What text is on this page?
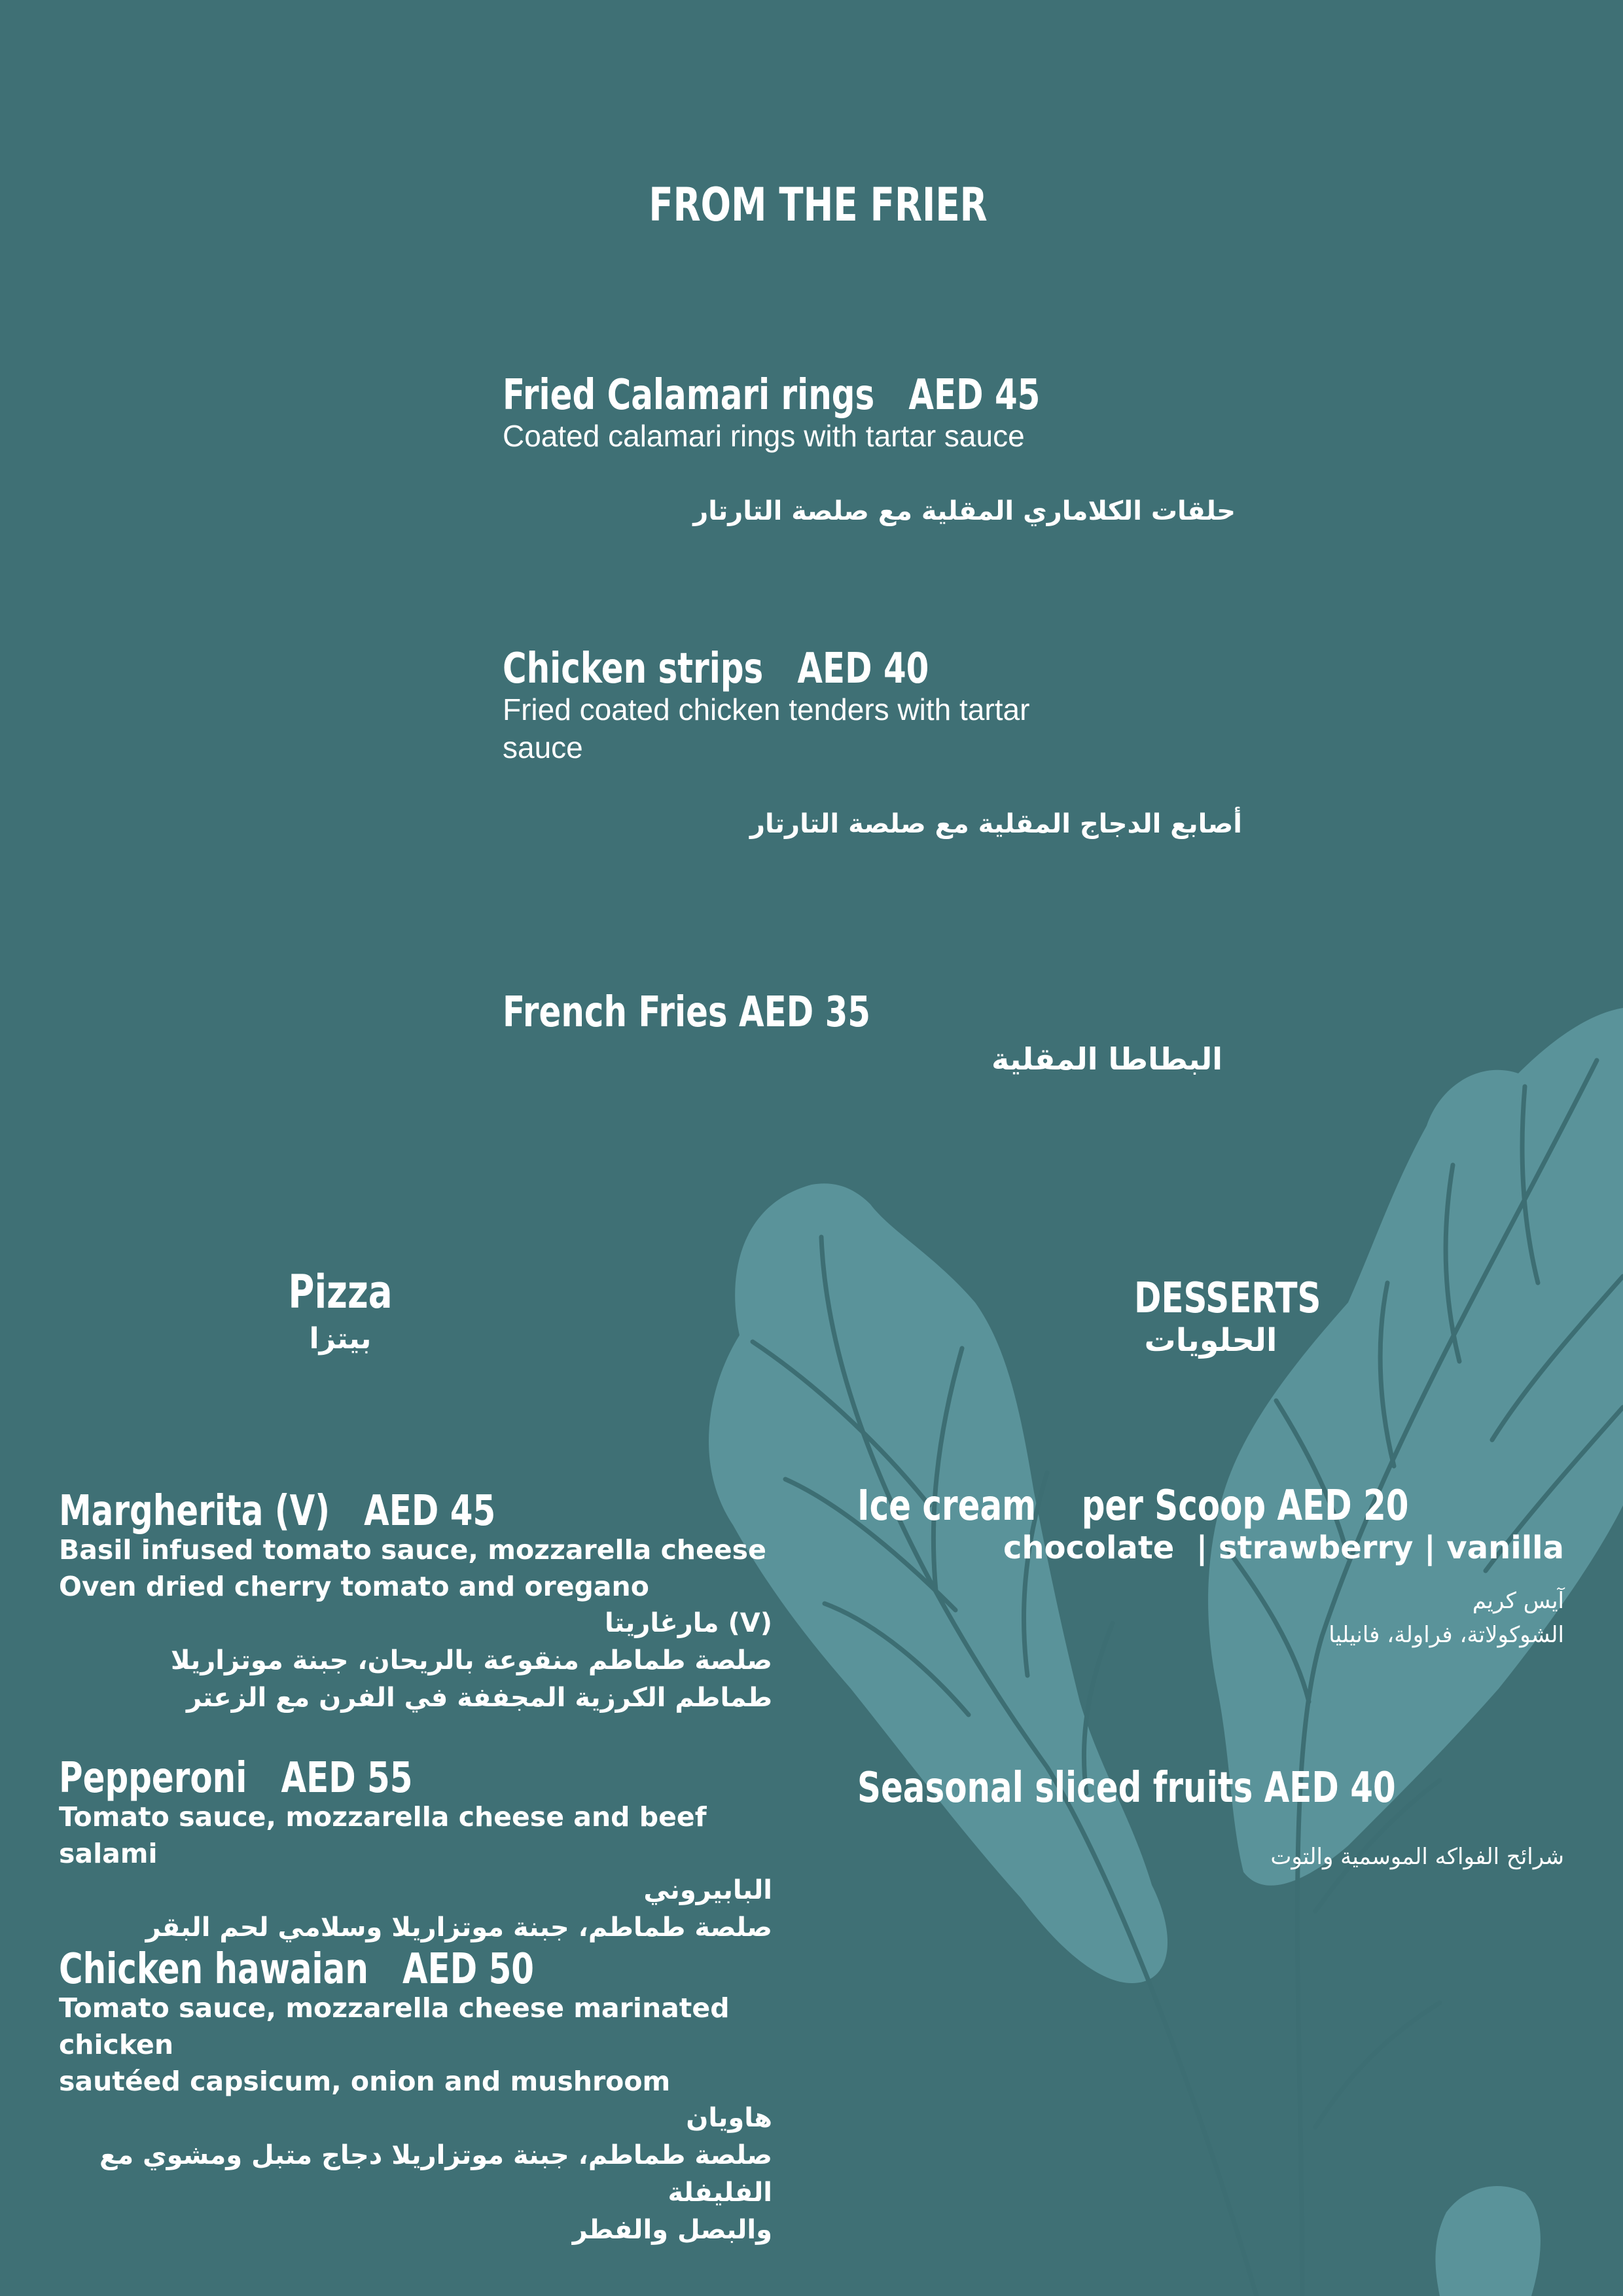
FROM THE FRIER
Fried Calamari rings AED 45
Coated calamari rings with tartar sauce
حلقات الكلاماري المقلية مع صلصة التارتار
Chicken strips AED 40
Fried coated chicken tenders with tartar
sauce
أصابع الدجاج المقلية مع صلصة التارتار
French Fries AED 35
البطاطا المقلية
Pizza
بيتزا
Margherita (V) AED 45
Basil infused tomato sauce, mozzarella cheese
Oven dried cherry tomato and oregano
(V) مارغاريتا
صلصة طماطم منقوعة بالريحان، جبنة موتزاريلا
طماطم الكرزية المجففة في الفرن مع الزعتر
Pepperoni AED 55
Tomato sauce, mozzarella cheese and beef salami
البابيروني
صلصة طماطم، جبنة موتزاريلا وسلامي لحم البقر
Chicken hawaian AED 50
Tomato sauce, mozzarella cheese marinated chicken
sautéed capsicum, onion and mushroom
هاويان
صلصة طماطم، جبنة موتزاريلا دجاج متبل ومشوي مع الفليفلة
والبصل والفطر
DESSERTS
الحلويات
Ice cream per Scoop AED 20
chocolate  | strawberry | vanilla
آيس كريم
الشوكولاتة، فراولة، فانيليا
Seasonal sliced fruits AED 40
شرائح الفواكه الموسمية والتوت
